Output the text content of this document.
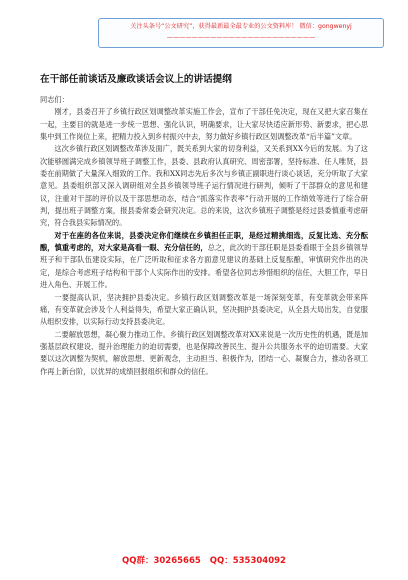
关注头条号“公文研究”，获得最新最全最专业的公文资料库！ 微信：gongwenyj
————————————————————————
在干部任前谈话及廉政谈话会议上的讲话提纲

同志们：

刚才，县委召开了乡镇行政区划调整改革实施工作会，宣布了干部任免决定，现在又把大家召集在一起，主要目的就是进一步统一思想、强化认识，明确要求，让大家尽快适应新形势、新要求，把心思集中到工作岗位上来，把精力投入到乡村振兴中去，努力做好乡镇行政区划调整改革“后半篇”文章。

这次乡镇行政区划调整改革涉及面广，既关系到大家的切身利益，又关系到XX今后的发展。为了这次能够圆满完成乡镇领导班子调整工作，县委、县政府认真研究、周密部署，坚持标准、任人唯贤，县委在前期做了大量深入细致的工作。我和XX同志先后多次与乡镇正副职进行谈心谈话，充分听取了大家意见。县委组织部又深入调研组对全县乡镇领导班子运行情况进行研判，倾听了干部群众的意见和建议，注重对干部的评价以及干部思想动态，结合“抓落实作表率”行动开展的工作绩效等进行了综合研判，提出班子调整方案，报县委常委会研究决定。总的来说，这次乡镇班子调整是经过县委慎重考虑研究，符合我县实际情况的。

对于在座的各位来说，县委决定你们继续在乡镇担任正职，是经过精挑细选，反复比选、充分酝酿，慎重考虑的，对大家是高看一眼、充分信任的，总之，此次的干部任职是县委看眼于全县乡镇领导班子和干部队伍建设实际，在广泛听取和征求各方面意见建议的基础上反复酝酿，审慎研究作出的决定，是综合考虑班子结构和干部个人实际作出的安排。希望各位同志珍惜组织的信任，大胆工作，早日进入角色、开展工作。

一要提高认识，坚决拥护县委决定。乡镇行政区划调整改革是一场深刻变革，有变革就会带来阵痛，有变革就会涉及个人利益得失，希望大家正确认识，坚决拥护县委决定，从全县大局出发，自觉服从组织安排，以实际行动支持县委决定。

二要解放思想，凝心聚力推动工作。乡镇行政区划调整改革对XX来说是一次历史性的机遇，既是加强基层政权建设、提升治理能力的迫切需要，也是保障改善民生、提升公共服务水平的迫切需要。大家要以这次调整为契机，解放思想、更新观念，主动担当、积极作为，团结一心、凝聚合力，推动各项工作再上新台阶，以优异的成绩回报组织和群众的信任。

QQ群：30265665 QQ：535304092
